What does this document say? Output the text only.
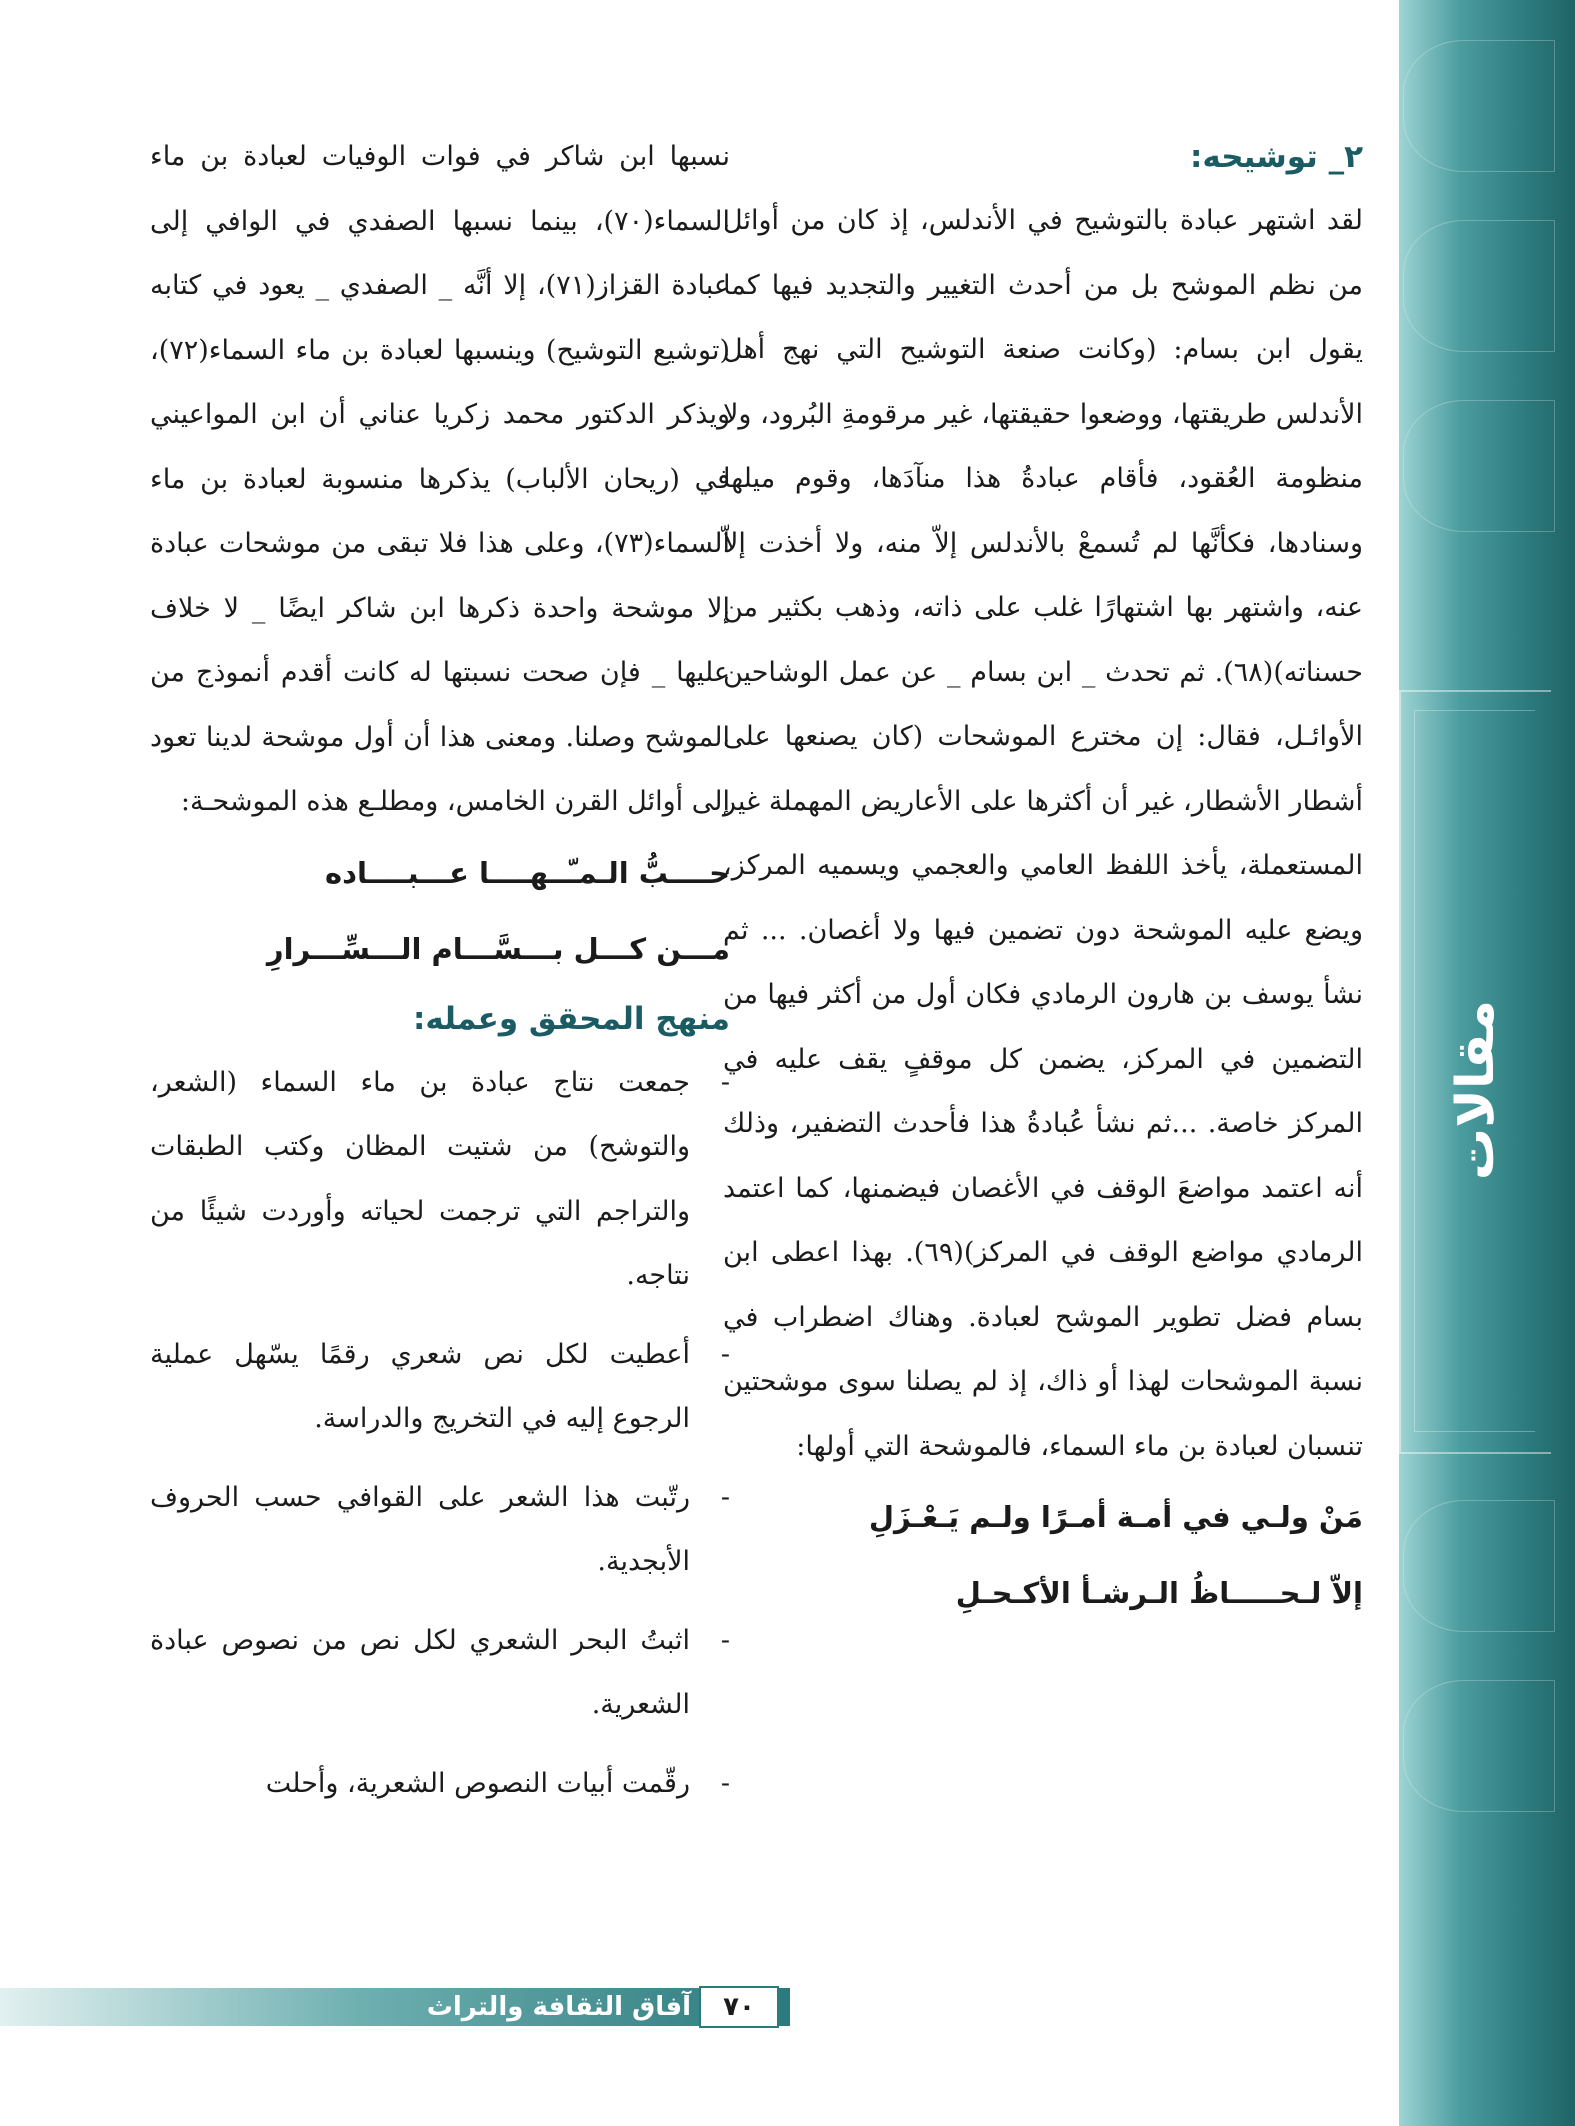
مقالات
٢_ توشيحه:

لقد اشتهر عبادة بالتوشيح في الأندلس، إذ كان من أوائل من نظم الموشح بل من أحدث التغيير والتجديد فيها كما يقول ابن بسام: (وكانت صنعة التوشيح التي نهج أهل الأندلس طريقتها، ووضعوا حقيقتها، غير مرقومةِ البُرود، ولا منظومة العُقود، فأقام عبادةُ هذا منآدَها، وقوم ميلها وسنادها، فكأنَّها لم تُسمعْ بالأندلس إلاّ منه، ولا أخذت إلاّ عنه، واشتهر بها اشتهارًا غلب على ذاته، وذهب بكثير من حسناته)(٦٨). ثم تحدث _ ابن بسام _ عن عمل الوشاحين الأوائـل، فقال: إن مخترع الموشحات (كان يصنعها على أشطار الأشطار، غير أن أكثرها على الأعاريض المهملة غير المستعملة، يأخذ اللفظ العامي والعجمي ويسميه المركز، ويضع عليه الموشحة دون تضمين فيها ولا أغصان. ... ثم نشأ يوسف بن هارون الرمادي فكان أول من أكثر فيها من التضمين في المركز، يضمن كل موقفٍ يقف عليه في المركز خاصة. ...ثم نشأ عُبادةُ هذا فأحدث التضفير، وذلك أنه اعتمد مواضعَ الوقف في الأغصان فيضمنها، كما اعتمد الرمادي مواضع الوقف في المركز)(٦٩). بهذا اعطى ابن بسام فضل تطوير الموشح لعبادة. وهناك اضطراب في نسبة الموشحات لهذا أو ذاك، إذ لم يصلنا سوى موشحتين تنسبان لعبادة بن ماء السماء، فالموشحة التي أولها:

مَنْ ولـي في أمـة أمـرًا ولـم يَـعْـزَلِ
إلاّ لـحـــــاظُ الـرشـأ الأكـحـلِ

نسبها ابن شاكر في فوات الوفيات لعبادة بن ماء السماء(٧٠)، بينما نسبها الصفدي في الوافي إلى عبادة القزاز(٧١)، إلا أنَّه _ الصفدي _ يعود في كتابه (توشيع التوشيح) وينسبها لعبادة بن ماء السماء(٧٢)، ويذكر الدكتور محمد زكريا عناني أن ابن المواعيني في (ريحان الألباب) يذكرها منسوبة لعبادة بن ماء السماء(٧٣)، وعلى هذا فلا تبقى من موشحات عبادة إلا موشحة واحدة ذكرها ابن شاكر ايضًا _ لا خلاف عليها _ فإن صحت نسبتها له كانت أقدم أنموذج من الموشح وصلنا. ومعنى هذا أن أول موشحة لدينا تعود إلى أوائل القرن الخامس، ومطلـع هذه الموشحـة:

حــــبُّ الـمـّــهــــا عـــبــــاده
مـــن كـــل بـــسَّـــام الـــسِّـــرارِ
منهج المحقق وعمله:
-
جمعت نتاج عبادة بن ماء السماء (الشعر، والتوشح) من شتيت المظان وكتب الطبقات والتراجم التي ترجمت لحياته وأوردت شيئًا من نتاجه.
-
أعطيت لكل نص شعري رقمًا يسّهل عملية الرجوع إليه في التخريج والدراسة.
-
رتّبت هذا الشعر على القوافي حسب الحروف الأبجدية.
-
اثبتُ البحر الشعري لكل نص من نصوص عبادة الشعرية.
-
رقّمت أبيات النصوص الشعرية، وأحلت
٧٠
آفاق الثقافة والتراث
